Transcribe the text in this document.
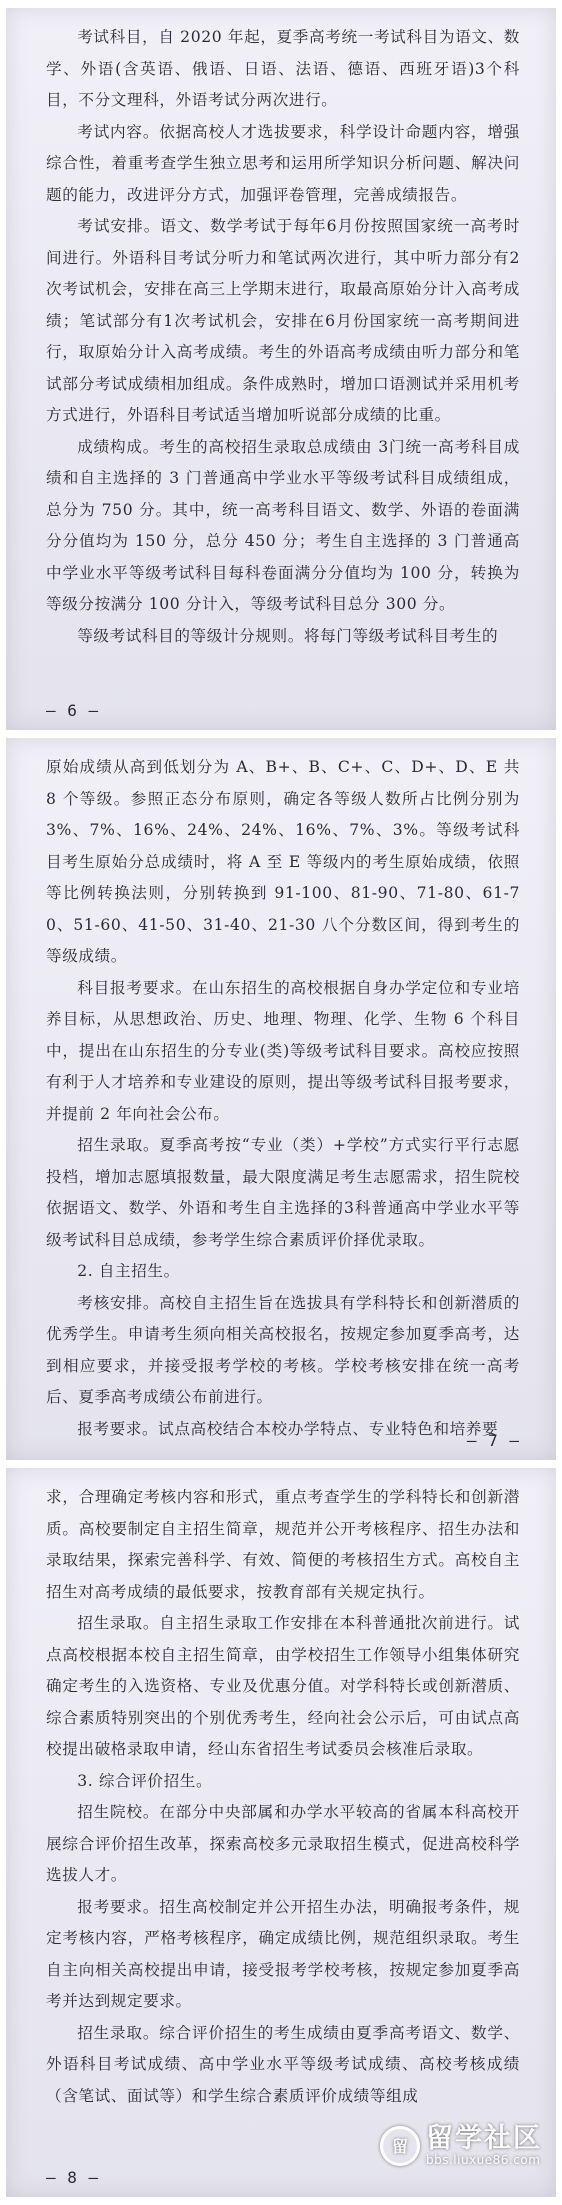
考试科目，自 2020 年起，夏季高考统一考试科目为语文、数学、外语(含英语、俄语、日语、法语、德语、西班牙语)3个科目，不分文理科，外语考试分两次进行。

考试内容。依据高校人才选拔要求，科学设计命题内容，增强综合性，着重考查学生独立思考和运用所学知识分析问题、解决问题的能力，改进评分方式，加强评卷管理，完善成绩报告。

考试安排。语文、数学考试于每年6月份按照国家统一高考时间进行。外语科目考试分听力和笔试两次进行，其中听力部分有2次考试机会，安排在高三上学期末进行，取最高原始分计入高考成绩；笔试部分有1次考试机会，安排在6月份国家统一高考期间进行，取原始分计入高考成绩。考生的外语高考成绩由听力部分和笔试部分考试成绩相加组成。条件成熟时，增加口语测试并采用机考方式进行，外语科目考试适当增加听说部分成绩的比重。

成绩构成。考生的高校招生录取总成绩由 3门统一高考科目成绩和自主选择的 3 门普通高中学业水平等级考试科目成绩组成，总分为 750 分。其中，统一高考科目语文、数学、外语的卷面满分分值均为 150 分，总分 450 分；考生自主选择的 3 门普通高中学业水平等级考试科目每科卷面满分分值均为 100 分，转换为等级分按满分 100 分计入，等级考试科目总分 300 分。

等级考试科目的等级计分规则。将每门等级考试科目考生的

— 6 —

原始成绩从高到低划分为 A、B+、B、C+、C、D+、D、E 共 8 个等级。参照正态分布原则，确定各等级人数所占比例分别为 3%、7%、16%、24%、24%、16%、7%、3%。等级考试科目考生原始分总成绩时，将 A 至 E 等级内的考生原始成绩，依照等比例转换法则，分别转换到 91-100、81-90、71-80、61-70、51-60、41-50、31-40、21-30 八个分数区间，得到考生的等级成绩。

科目报考要求。在山东招生的高校根据自身办学定位和专业培养目标，从思想政治、历史、地理、物理、化学、生物 6 个科目中，提出在山东招生的分专业(类)等级考试科目要求。高校应按照有利于人才培养和专业建设的原则，提出等级考试科目报考要求，并提前 2 年向社会公布。

招生录取。夏季高考按“专业（类）+学校”方式实行平行志愿投档，增加志愿填报数量，最大限度满足考生志愿需求，招生院校依据语文、数学、外语和考生自主选择的3科普通高中学业水平等级考试科目总成绩，参考学生综合素质评价择优录取。

2. 自主招生。

考核安排。高校自主招生旨在选拔具有学科特长和创新潜质的优秀学生。申请考生须向相关高校报名，按规定参加夏季高考，达到相应要求，并接受报考学校的考核。学校考核安排在统一高考后、夏季高考成绩公布前进行。

报考要求。试点高校结合本校办学特点、专业特色和培养要

— 7 —

求，合理确定考核内容和形式，重点考查学生的学科特长和创新潜质。高校要制定自主招生简章，规范并公开考核程序、招生办法和录取结果，探索完善科学、有效、简便的考核招生方式。高校自主招生对高考成绩的最低要求，按教育部有关规定执行。

招生录取。自主招生录取工作安排在本科普通批次前进行。试点高校根据本校自主招生简章，由学校招生工作领导小组集体研究确定考生的入选资格、专业及优惠分值。对学科特长或创新潜质、综合素质特别突出的个别优秀考生，经向社会公示后，可由试点高校提出破格录取申请，经山东省招生考试委员会核准后录取。

3. 综合评价招生。

招生院校。在部分中央部属和办学水平较高的省属本科高校开展综合评价招生改革，探索高校多元录取招生模式，促进高校科学选拔人才。

报考要求。招生高校制定并公开招生办法，明确报考条件，规定考核内容，严格考核程序，确定成绩比例，规范组织录取。考生自主向相关高校提出申请，接受报考学校考核，按规定参加夏季高考并达到规定要求。

招生录取。综合评价招生的考生成绩由夏季高考语文、数学、外语科目考试成绩、高中学业水平等级考试成绩、高校考核成绩（含笔试、面试等）和学生综合素质评价成绩等组成

— 8 —
留 留学社区
bbs.liuxue86.com
